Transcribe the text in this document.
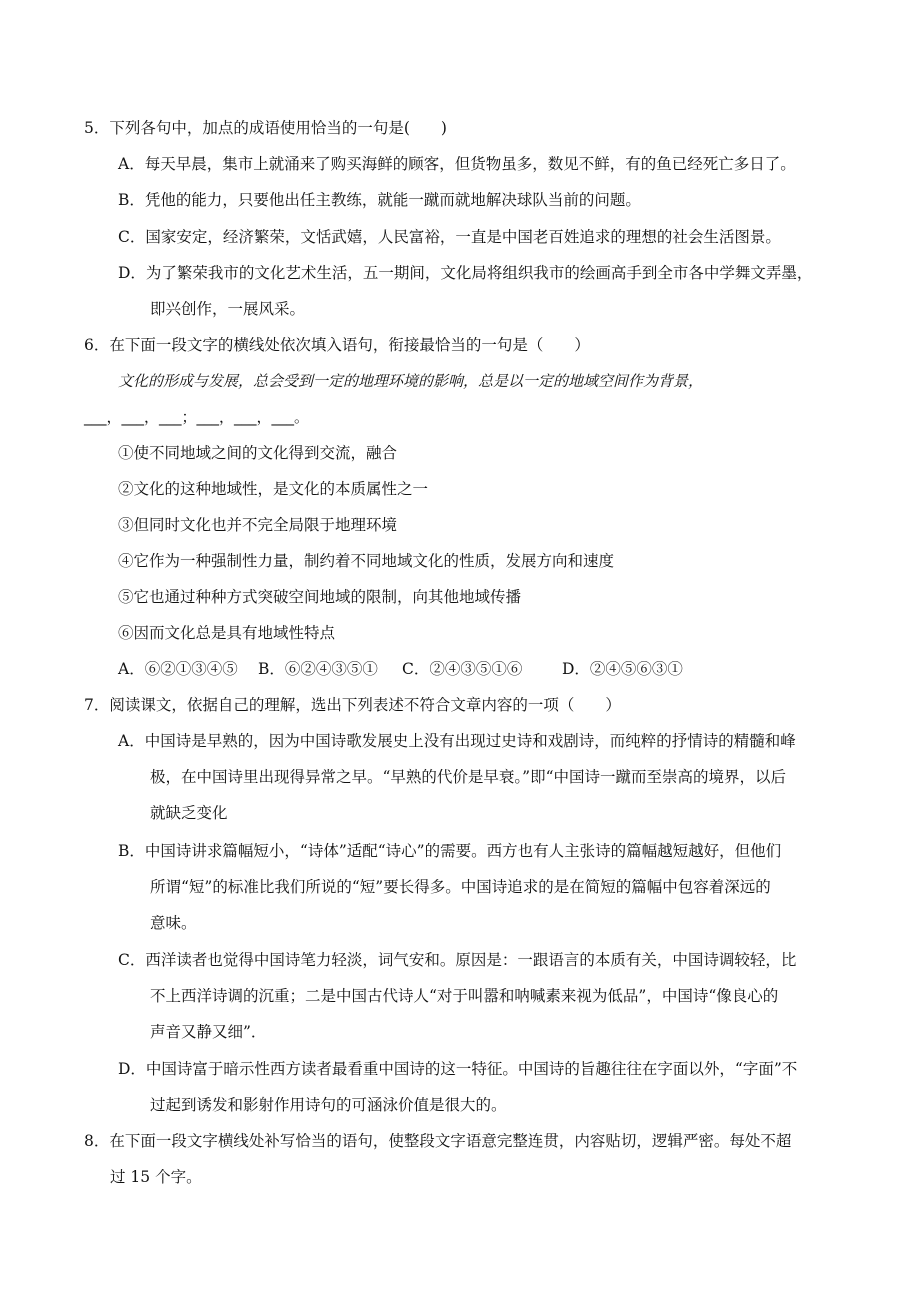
5．下列各句中，加点的成语使用恰当的一句是(　　)
A．每天早晨，集市上就涌来了购买海鲜的顾客，但货物虽多，数见不鲜，有的鱼已经死亡多日了。
B．凭他的能力，只要他出任主教练，就能一蹴而就地解决球队当前的问题。
C．国家安定，经济繁荣，文恬武嬉，人民富裕，一直是中国老百姓追求的理想的社会生活图景。
D．为了繁荣我市的文化艺术生活，五一期间，文化局将组织我市的绘画高手到全市各中学舞文弄墨，
即兴创作，一展风采。
6．在下面一段文字的横线处依次填入语句，衔接最恰当的一句是（　　）
文化的形成与发展，总会受到一定的地理环境的影响，总是以一定的地域空间作为背景，
___，___，___；___，___，___。
①使不同地域之间的文化得到交流，融合
②文化的这种地域性，是文化的本质属性之一
③但同时文化也并不完全局限于地理环境
④它作为一种强制性力量，制约着不同地域文化的性质，发展方向和速度
⑤它也通过种种方式突破空间地域的限制，向其他地域传播
⑥因而文化总是具有地域性特点
A．⑥②①③④⑤ B．⑥②④③⑤① C．②④③⑤①⑥	D．②④⑤⑥③①
7．阅读课文，依据自己的理解，选出下列表述不符合文章内容的一项（　　）
A．中国诗是早熟的，因为中国诗歌发展史上没有出现过史诗和戏剧诗，而纯粹的抒情诗的精髓和峰
极，在中国诗里出现得异常之早。“早熟的代价是早衰。”即“中国诗一蹴而至崇高的境界，以后
就缺乏变化
B．中国诗讲求篇幅短小，“诗体”适配“诗心”的需要。西方也有人主张诗的篇幅越短越好，但他们
所谓“短”的标准比我们所说的“短”要长得多。中国诗追求的是在简短的篇幅中包容着深远的
意味。
C．西洋读者也觉得中国诗笔力轻淡，词气安和。原因是：一跟语言的本质有关，中国诗调较轻，比
不上西洋诗调的沉重；二是中国古代诗人“对于叫嚣和呐喊素来视为低品”，中国诗“像良心的
声音又静又细”．
D．中国诗富于暗示性西方读者最看重中国诗的这一特征。中国诗的旨趣往往在字面以外，“字面”不
过起到诱发和影射作用诗句的可涵泳价值是很大的。
8．在下面一段文字横线处补写恰当的语句，使整段文字语意完整连贯，内容贴切，逻辑严密。每处不超
过 15 个字。
